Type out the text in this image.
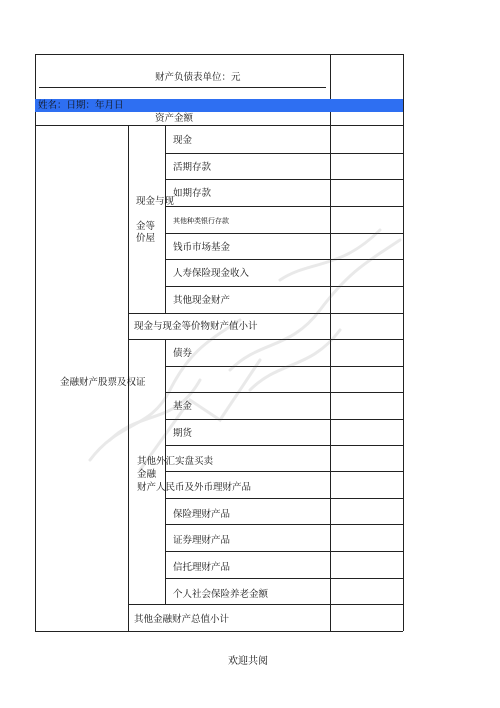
财产负债表单位：元
姓名：日期：年月日
资产金额
金融财产股票及权证
现金与现
金等
价屋
现金
活期存款
如期存款
其他种类银行存款
钱币市场基金
人寿保险现金收入
其他现金财产
现金与现金等价物财产值小计
债券
基金
期货
其他外汇实盘买卖
金融
财产人民币及外币理财产品
保险理财产品
证券理财产品
信托理财产品
个人社会保险养老金额
其他金融财产总值小计
欢迎共阅
